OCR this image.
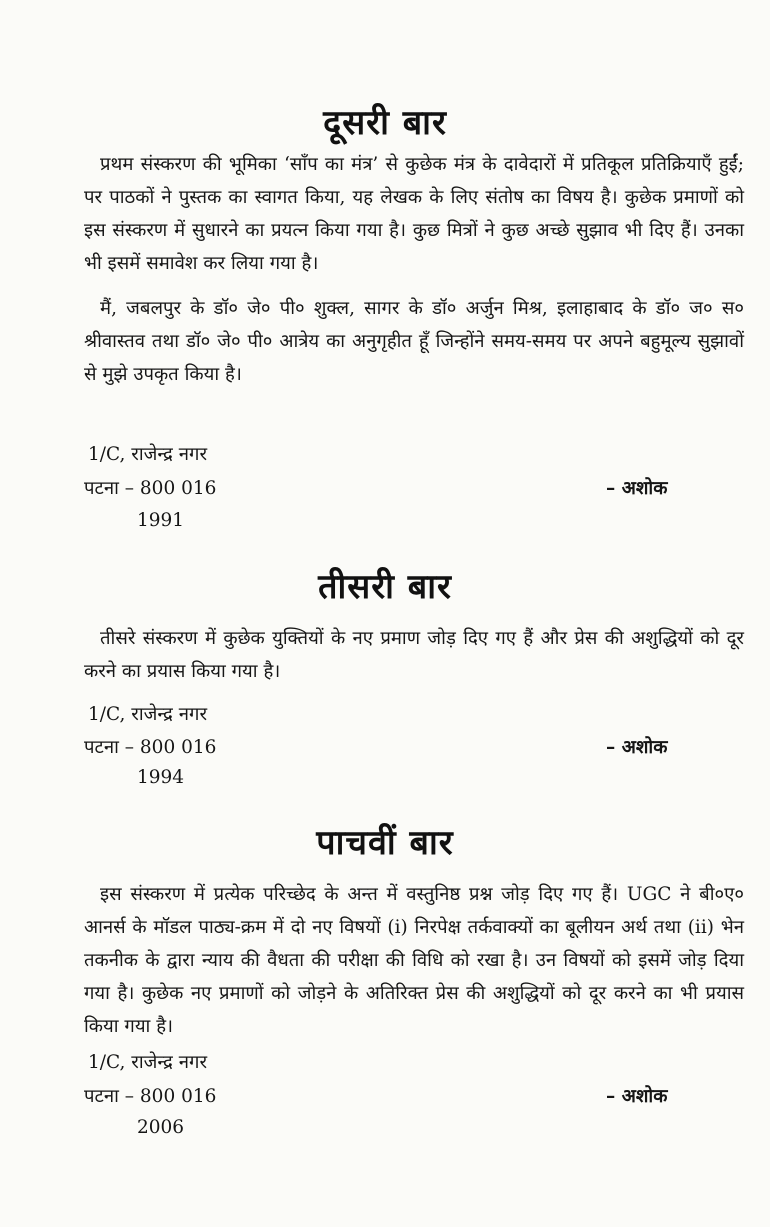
दूसरी बार

प्रथम संस्करण की भूमिका ‘साँप का मंत्र’ से कुछेक मंत्र के दावेदारों में प्रतिकूल प्रतिक्रियाएँ हुईं; पर पाठकों ने पुस्तक का स्वागत किया, यह लेखक के लिए संतोष का विषय है। कुछेक प्रमाणों को इस संस्करण में सुधारने का प्रयत्न किया गया है। कुछ मित्रों ने कुछ अच्छे सुझाव भी दिए हैं। उनका भी इसमें समावेश कर लिया गया है।

मैं, जबलपुर के डॉ० जे० पी० शुक्ल, सागर के डॉ० अर्जुन मिश्र, इलाहाबाद के डॉ० ज० स० श्रीवास्तव तथा डॉ० जे० पी० आत्रेय का अनुगृहीत हूँ जिन्होंने समय-समय पर अपने बहुमूल्य सुझावों से मुझे उपकृत किया है।

1/C, राजेन्द्र नगर
पटना – 800 016	– अशोक
1991
तीसरी बार

तीसरे संस्करण में कुछेक युक्तियों के नए प्रमाण जोड़ दिए गए हैं और प्रेस की अशुद्धियों को दूर करने का प्रयास किया गया है।

1/C, राजेन्द्र नगर
पटना – 800 016	– अशोक
1994
पाचवीं बार

इस संस्करण में प्रत्येक परिच्छेद के अन्त में वस्तुनिष्ठ प्रश्न जोड़ दिए गए हैं। UGC ने बी०ए० आनर्स के मॉडल पाठ्य-क्रम में दो नए विषयों (i) निरपेक्ष तर्कवाक्यों का बूलीयन अर्थ तथा (ii) भेन तकनीक के द्वारा न्याय की वैधता की परीक्षा की विधि को रखा है। उन विषयों को इसमें जोड़ दिया गया है। कुछेक नए प्रमाणों को जोड़ने के अतिरिक्त प्रेस की अशुद्धियों को दूर करने का भी प्रयास किया गया है।

1/C, राजेन्द्र नगर
पटना – 800 016	– अशोक
2006
